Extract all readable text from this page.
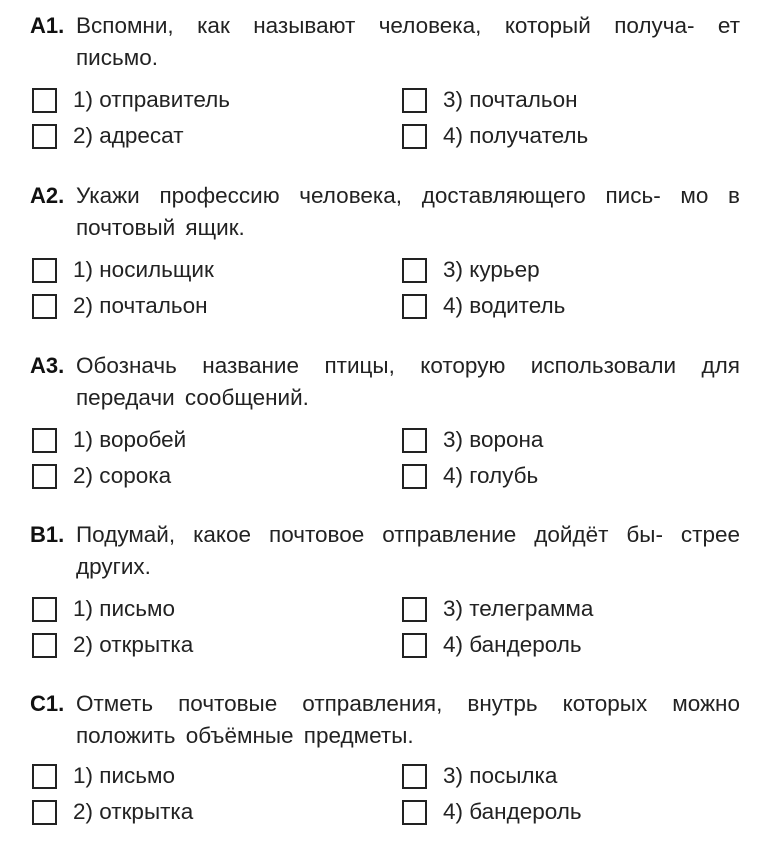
А1. Вспомни, как называют человека, который получа- ет письмо.
1) отправитель
2) адресат
3) почтальон
4) получатель
А2. Укажи профессию человека, доставляющего пись- мо в почтовый ящик.
1) носильщик
2) почтальон
3) курьер
4) водитель
А3. Обозначь название птицы, которую использовали для передачи сообщений.
1) воробей
2) сорока
3) ворона
4) голубь
В1. Подумай, какое почтовое отправление дойдёт бы- стрее других.
1) письмо
2) открытка
3) телеграмма
4) бандероль
С1. Отметь почтовые отправления, внутрь которых можно положить объёмные предметы.
1) письмо
2) открытка
3) посылка
4) бандероль
